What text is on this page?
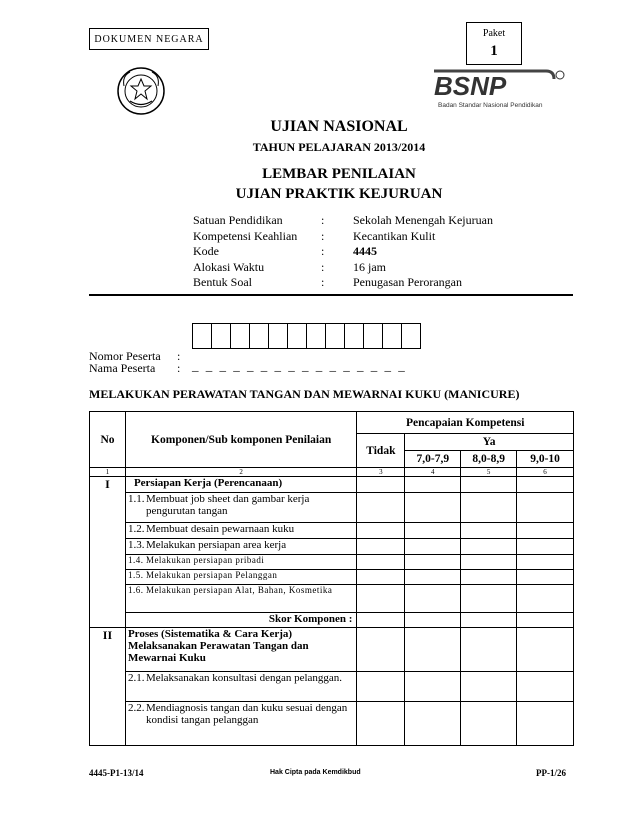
DOKUMEN NEGARA	Paket
1
BSNP
Badan Standar Nasional Pendidikan
UJIAN NASIONAL
TAHUN PELAJARAN 2013/2014
LEMBAR PENILAIAN
UJIAN PRAKTIK KEJURUAN
Satuan Pendidikan	:	Sekolah Menengah Kejuruan
Kompetensi Keahlian	:	Kecantikan Kulit
Kode	:	4445
Alokasi Waktu	:	16 jam
Bentuk Soal	:	Penugasan Perorangan
Nomor Peserta :
Nama Peserta : _ _ _ _ _ _ _ _ _ _ _ _ _ _ _ _
MELAKUKAN PERAWATAN TANGAN DAN MEWARNAI KUKU (MANICURE)
No	Komponen/Sub komponen Penilaian	Pencapaian Kompetensi			
		Tidak	Ya		
			7,0-7,9	8,0-8,9	9,0-10
1	2	3	4	5	6
I	Persiapan Kerja (Perencanaan)				

	1.1. Membuat job sheet dan gambar kerja pengurutan tangan				

	1.2. Membuat desain pewarnaan kuku				

	1.3. Melakukan persiapan area kerja				

	1.4. Melakukan persiapan pribadi				

	1.5. Melakukan persiapan Pelanggan				

	1.6. Melakukan persiapan Alat, Bahan, Kosmetika				

	Skor Komponen :				
II	Proses (Sistematika & Cara Kerja) Melaksanakan Perawatan Tangan dan Mewarnai Kuku				

	2.1. Melaksanakan konsultasi dengan pelanggan.				

	2.2. Mendiagnosis tangan dan kuku sesuai dengan kondisi tangan pelanggan				

4445-P1-13/14	Hak Cipta pada Kemdikbud	PP-1/26
